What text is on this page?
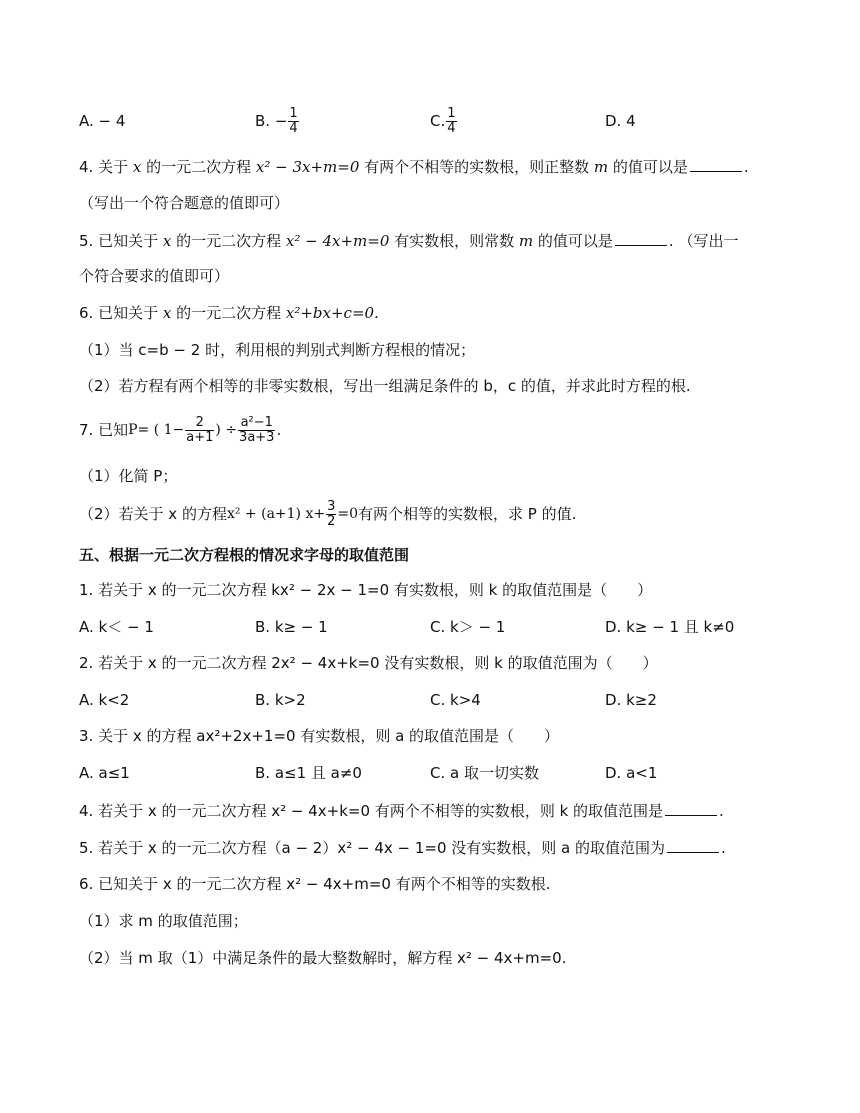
A. − 4	B. − $\frac{1}{4}$	C. $\frac{1}{4}$	D. 4
4. 关于 x 的一元二次方程 x² − 3x+m=0 有两个不相等的实数根，则正整数 m 的值可以是	.
（写出一个符合题意的值即可）
5. 已知关于 x 的一元二次方程 x² − 4x+m=0 有实数根，则常数 m 的值可以是	. （写出一
个符合要求的值即可）
6. 已知关于 x 的一元二次方程 x²+bx+c=0.
（1）当 c=b − 2 时，利用根的判别式判断方程根的情况；
（2）若方程有两个相等的非零实数根，写出一组满足条件的 b，c 的值，并求此时方程的根.
7. 已知 P= ( $1- \frac{2}{a+1}$ ) ÷ $\frac{\text{a²−1}}{3a+3}$ .
（1）化简 P；
（2）若关于 x 的方程 x² + (a+1) $x+ \frac{3}{2} =0$ 有两个相等的实数根，求 P 的值.
五、根据一元二次方程根的情况求字母的取值范围
1. 若关于 x 的一元二次方程 kx² − 2x − 1=0 有实数根，则 k 的取值范围是（　　）
A. k＜ − 1	B. k≥ − 1	C. k＞ − 1	D. k≥ − 1 且 k≠0
2. 若关于 x 的一元二次方程 2x² − 4x+k=0 没有实数根，则 k 的取值范围为（　　）
A. k<2	B. k>2	C. k>4	D. k≥2
3. 关于 x 的方程 ax²+2x+1=0 有实数根，则 a 的取值范围是（　　）
A. a≤1	B. a≤1 且 a≠0	C. a 取一切实数	D. a<1
4. 若关于 x 的一元二次方程 x² − 4x+k=0 有两个不相等的实数根，则 k 的取值范围是	.
5. 若关于 x 的一元二次方程（a − 2）x² − 4x − 1=0 没有实数根，则 a 的取值范围为	.
6. 已知关于 x 的一元二次方程 x² − 4x+m=0 有两个不相等的实数根.
（1）求 m 的取值范围；
（2）当 m 取（1）中满足条件的最大整数解时，解方程 x² − 4x+m=0.
